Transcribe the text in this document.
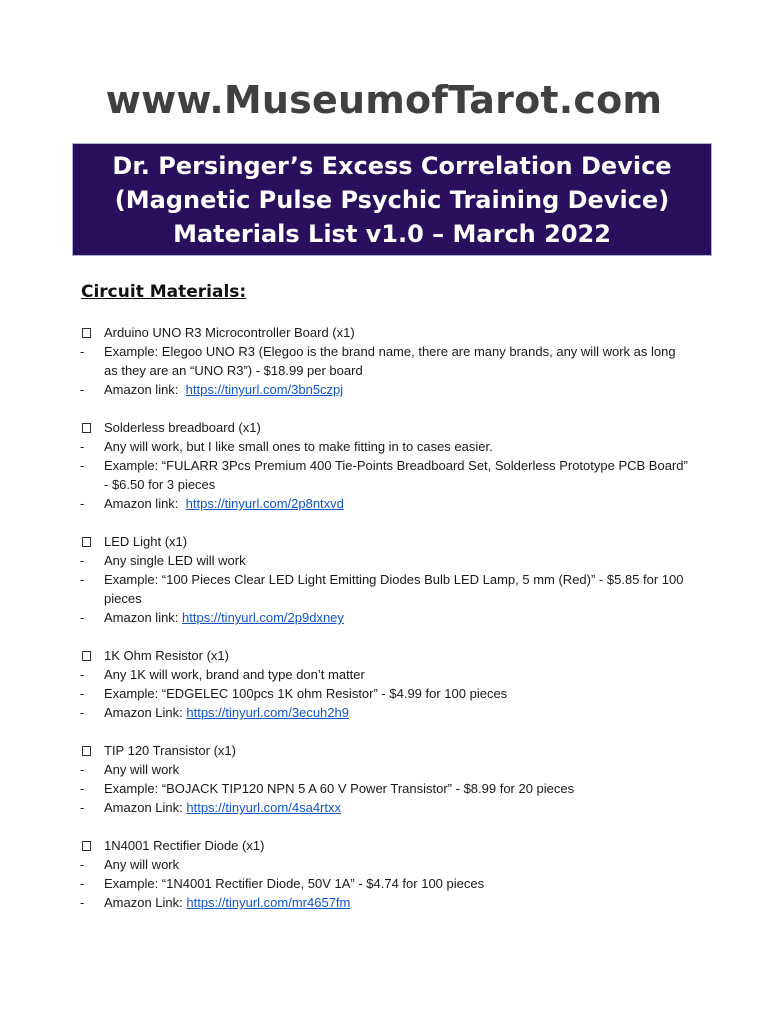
www.MuseumofTarot.com
Dr. Persinger’s Excess Correlation Device
(Magnetic Pulse Psychic Training Device)
Materials List v1.0 – March 2022
Circuit Materials:
Arduino UNO R3 Microcontroller Board (x1)
-	Example: Elegoo UNO R3 (Elegoo is the brand name, there are many brands, any will work as long as they are an “UNO R3”) - $18.99 per board
-	Amazon link:  https://tinyurl.com/3bn5czpj
Solderless breadboard (x1)
-	Any will work, but I like small ones to make fitting in to cases easier.
-	Example: “FULARR 3Pcs Premium 400 Tie-Points Breadboard Set, Solderless Prototype PCB Board” - $6.50 for 3 pieces
-	Amazon link:  https://tinyurl.com/2p8ntxvd
LED Light (x1)
-	Any single LED will work
-	Example: “100 Pieces Clear LED Light Emitting Diodes Bulb LED Lamp, 5 mm (Red)” - $5.85 for 100 pieces
-	Amazon link: https://tinyurl.com/2p9dxney
1K Ohm Resistor (x1)
-	Any 1K will work, brand and type don’t matter
-	Example: “EDGELEC 100pcs 1K ohm Resistor” - $4.99 for 100 pieces
-	Amazon Link: https://tinyurl.com/3ecuh2h9
TIP 120 Transistor (x1)
-	Any will work
-	Example: “BOJACK TIP120 NPN 5 A 60 V Power Transistor” - $8.99 for 20 pieces
-	Amazon Link: https://tinyurl.com/4sa4rtxx
1N4001 Rectifier Diode (x1)
-	Any will work
-	Example: “1N4001 Rectifier Diode, 50V 1A” - $4.74 for 100 pieces
-	Amazon Link: https://tinyurl.com/mr4657fm
